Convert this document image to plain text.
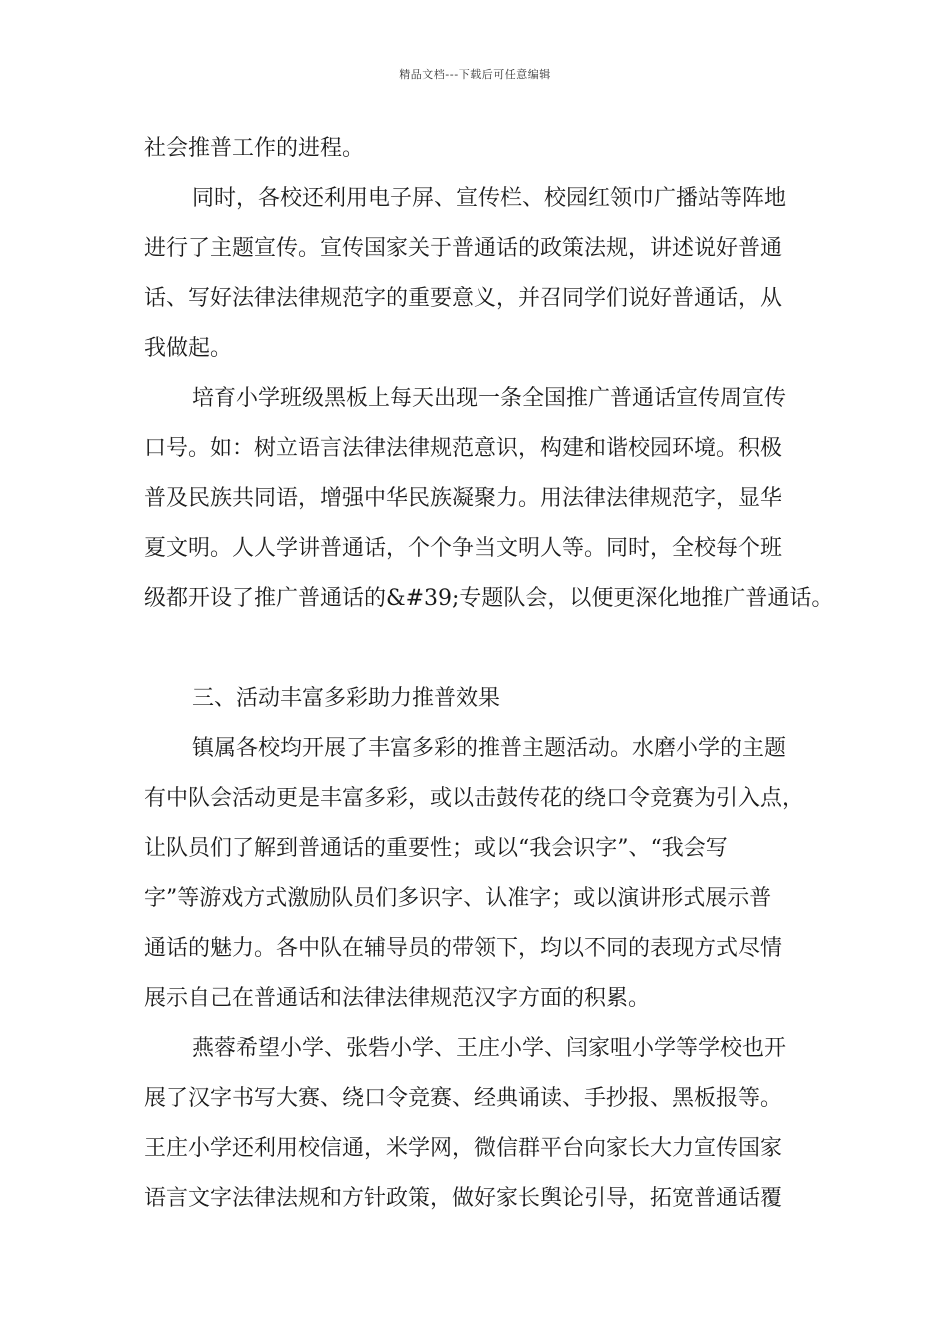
精品文档---下载后可任意编辑
社会推普工作的进程。
同时，各校还利用电子屏、宣传栏、校园红领巾广播站等阵地
进行了主题宣传。宣传国家关于普通话的政策法规，讲述说好普通
话、写好法律法律规范字的重要意义，并召同学们说好普通话，从
我做起。
培育小学班级黑板上每天出现一条全国推广普通话宣传周宣传
口号。如：树立语言法律法律规范意识，构建和谐校园环境。积极
普及民族共同语，增强中华民族凝聚力。用法律法律规范字，显华
夏文明。人人学讲普通话，个个争当文明人等。同时，全校每个班
级都开设了推广普通话的&#39;专题队会，以便更深化地推广普通话。
三、活动丰富多彩助力推普效果
镇属各校均开展了丰富多彩的推普主题活动。水磨小学的主题
有中队会活动更是丰富多彩，或以击鼓传花的绕口令竞赛为引入点，
让队员们了解到普通话的重要性；或以“我会识字”、“我会写
字”等游戏方式激励队员们多识字、认准字；或以演讲形式展示普
通话的魅力。各中队在辅导员的带领下，均以不同的表现方式尽情
展示自己在普通话和法律法律规范汉字方面的积累。
燕蓉希望小学、张砦小学、王庄小学、闫家咀小学等学校也开
展了汉字书写大赛、绕口令竞赛、经典诵读、手抄报、黑板报等。
王庄小学还利用校信通，米学网，微信群平台向家长大力宣传国家
语言文字法律法规和方针政策，做好家长舆论引导，拓宽普通话覆
